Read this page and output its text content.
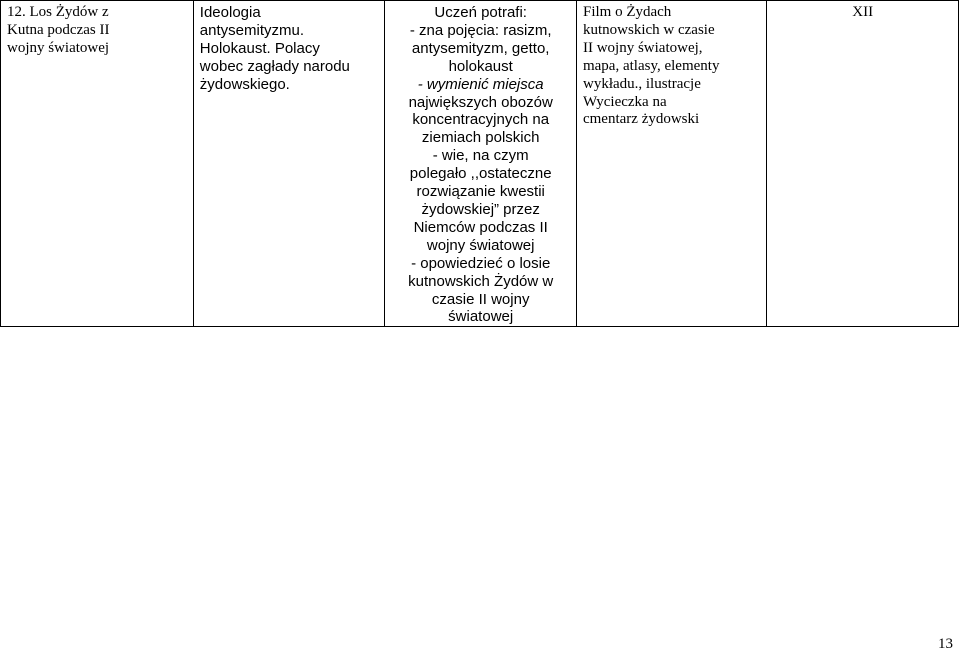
12. Los Żydów z
Kutna podczas II
wojny światowej

Ideologia
antysemityzmu.
Holokaust. Polacy
wobec zagłady narodu
żydowskiego.

Uczeń potrafi:
- zna pojęcia: rasizm,
antysemityzm, getto,
holokaust
- wymienić miejsca
największych obozów
koncentracyjnych na
ziemiach polskich
- wie, na czym
polegało ,,ostateczne
rozwiązanie kwestii
żydowskiej” przez
Niemców podczas II
wojny światowej
- opowiedzieć o losie
kutnowskich Żydów w
czasie II wojny
światowej

Film o Żydach
kutnowskich w czasie
II wojny światowej,
mapa, atlasy, elementy
wykładu., ilustracje
Wycieczka na
cmentarz żydowski

XII
13
